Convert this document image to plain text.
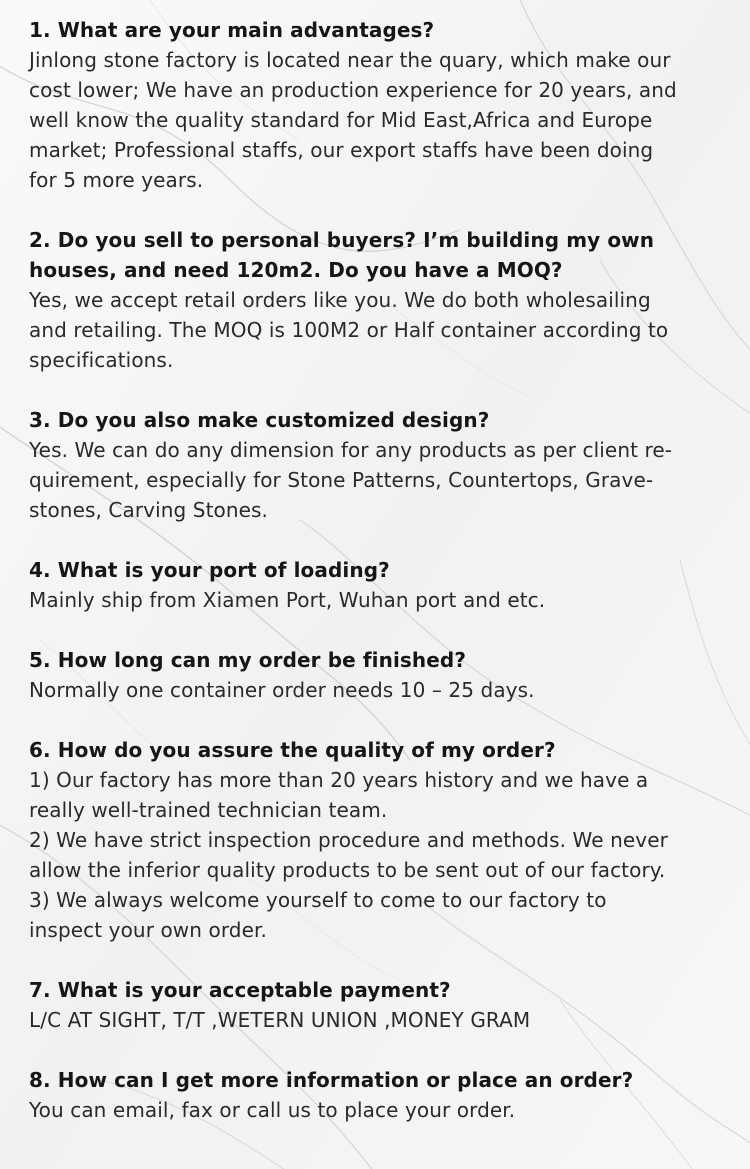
1. What are your main advantages?

Jinlong stone factory is located near the quary, which make our cost lower; We have an production experience for 20 years, and well know the quality standard for Mid East,Africa and Europe market; Professional staffs, our export staffs have been doing for 5 more years.

2. Do you sell to personal buyers? I’m building my own houses, and need 120m2. Do you have a MOQ?

Yes, we accept retail orders like you. We do both wholesailing and retailing. The MOQ is 100M2 or Half container according to specifications.

3. Do you also make customized design?

Yes. We can do any dimension for any products as per client re-quirement, especially for Stone Patterns, Countertops, Grave-stones, Carving Stones.

4. What is your port of loading?

Mainly ship from Xiamen Port, Wuhan port and etc.

5. How long can my order be finished?

Normally one container order needs 10 – 25 days.

6. How do you assure the quality of my order?

1) Our factory has more than 20 years history and we have a really well-trained technician team.

2) We have strict inspection procedure and methods. We never allow the inferior quality products to be sent out of our factory.

3) We always welcome yourself to come to our factory to inspect your own order.

7. What is your acceptable payment?

L/C AT SIGHT, T/T ,WETERN UNION ,MONEY GRAM

8. How can I get more information or place an order?

You can email, fax or call us to place your order.
